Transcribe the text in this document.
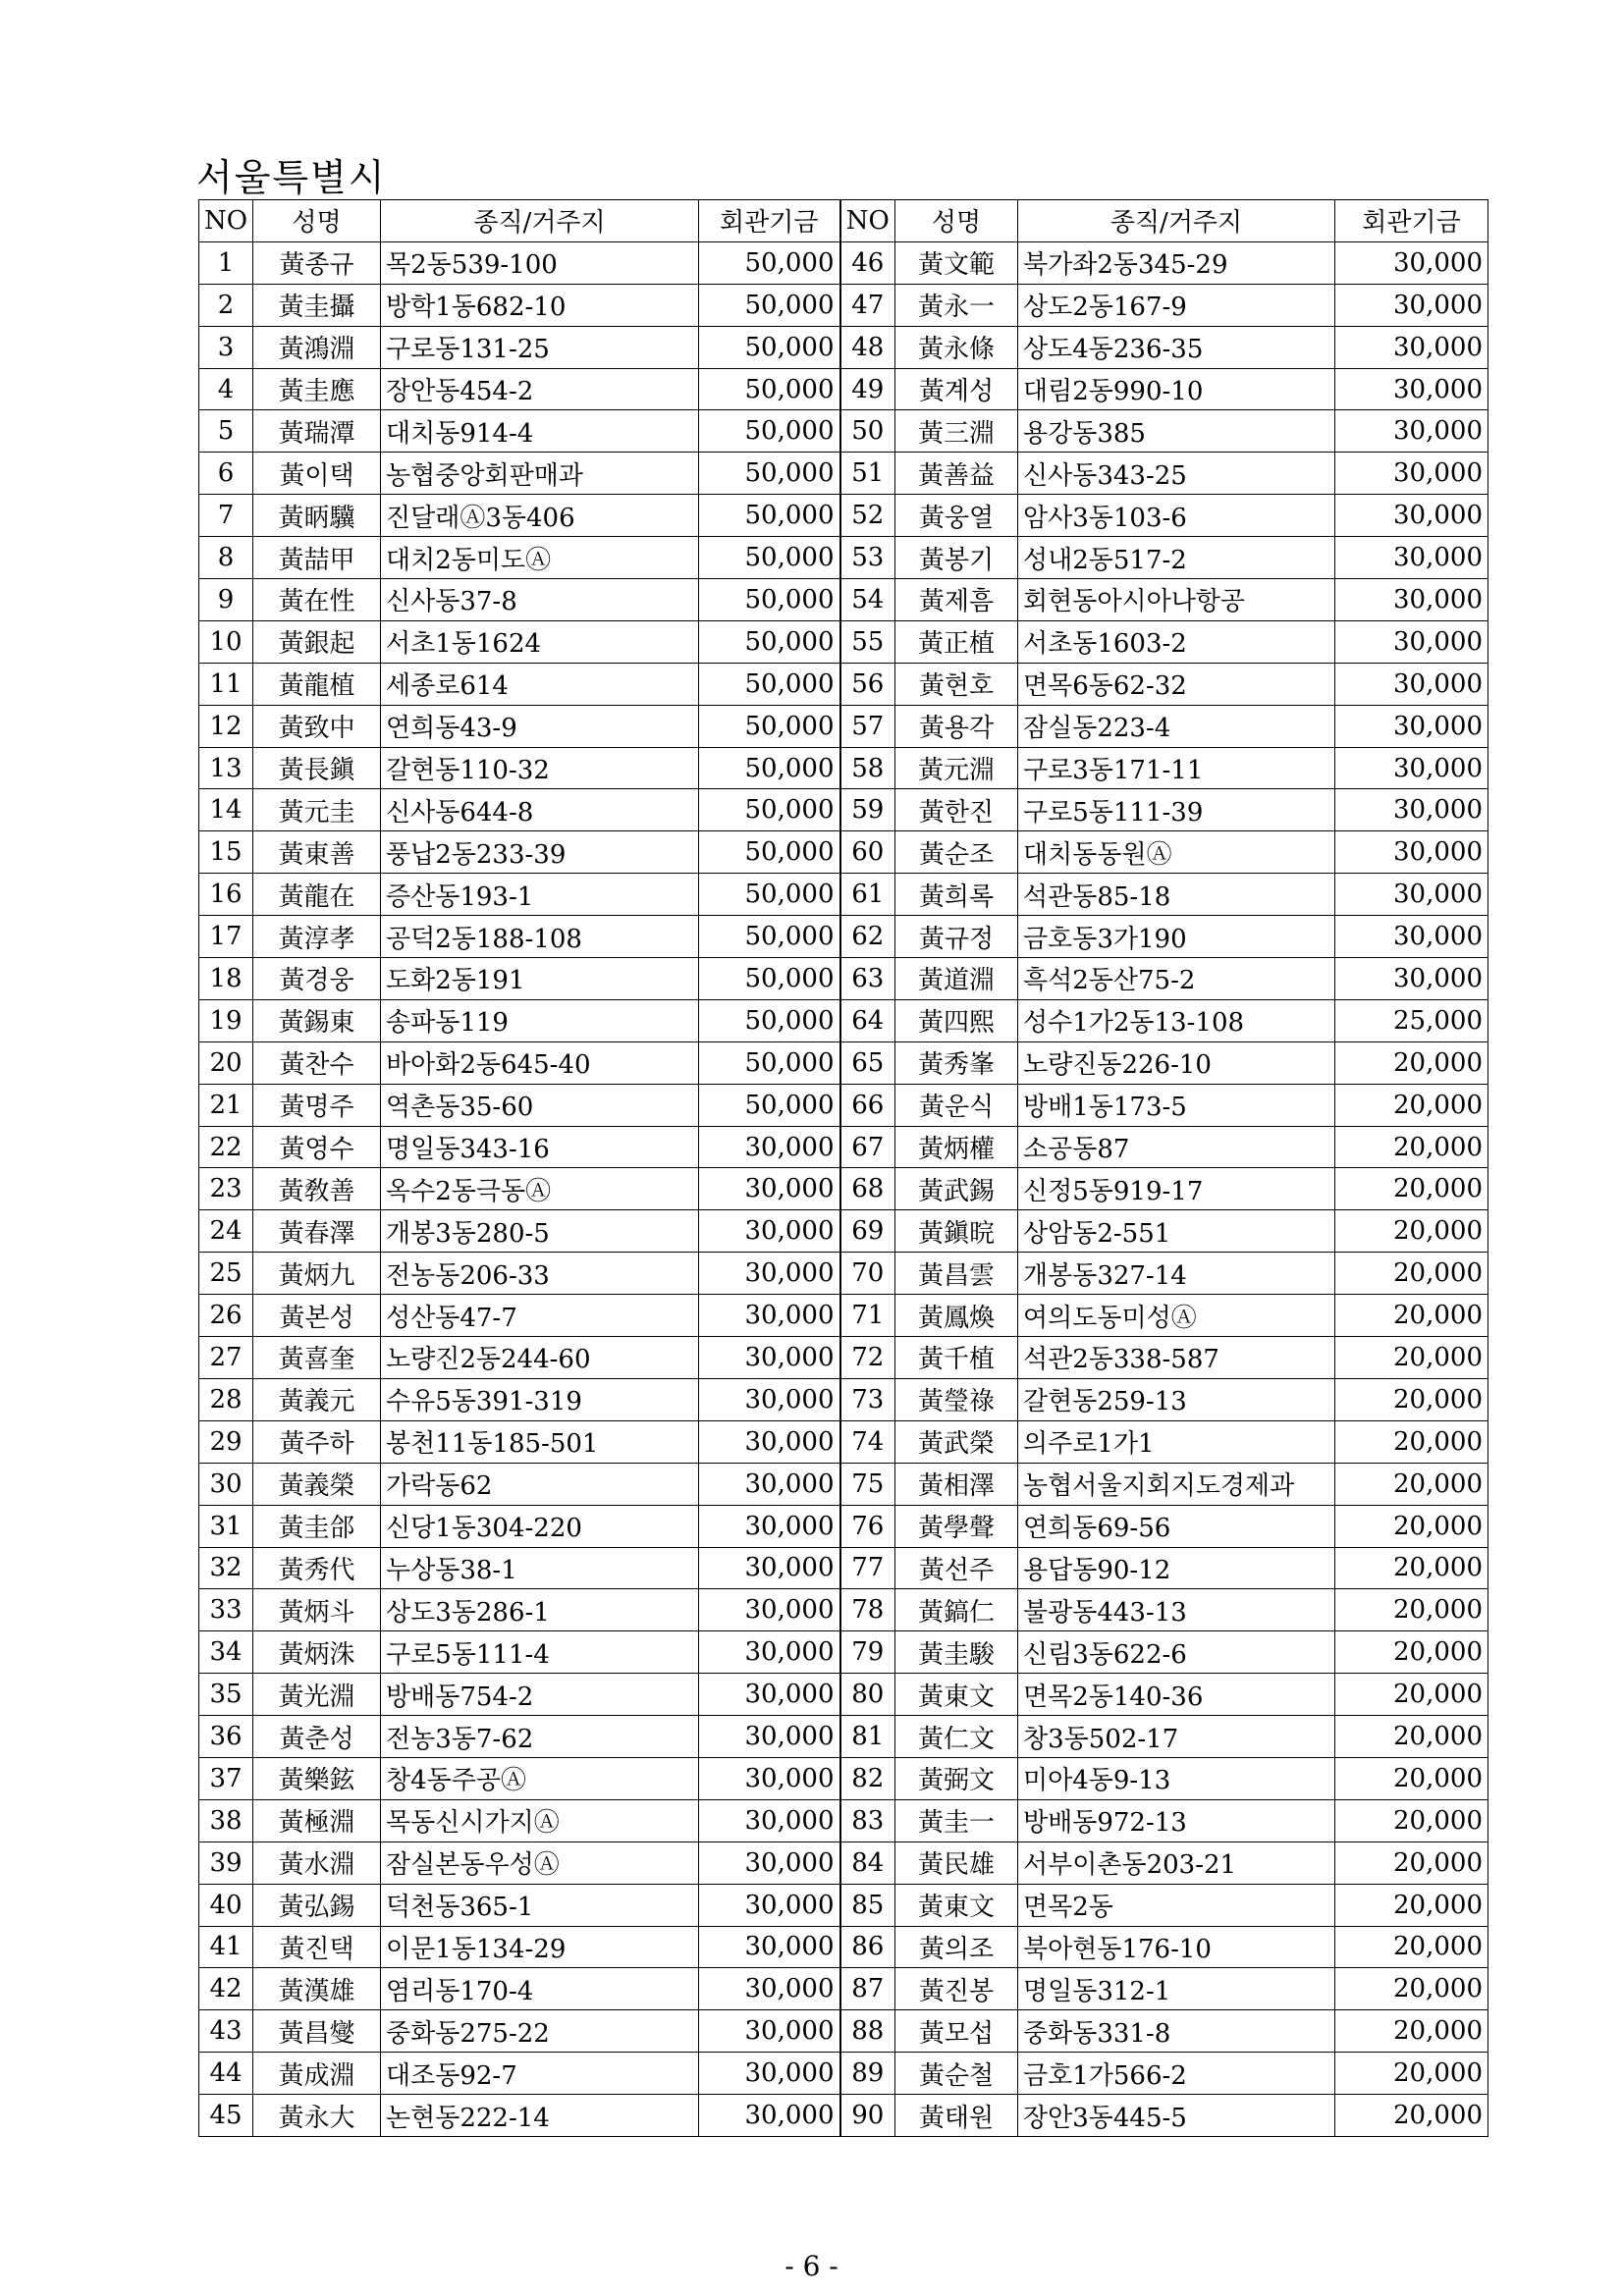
서울특별시
NO	성명	종직/거주지	회관기금	NO	성명	종직/거주지	회관기금
1	黃종규	목2동539-100	50,000	46	黃文範	북가좌2동345-29	30,000
2	黃圭攝	방학1동682-10	50,000	47	黃永一	상도2동167-9	30,000
3	黃鴻淵	구로동131-25	50,000	48	黃永條	상도4동236-35	30,000
4	黃圭應	장안동454-2	50,000	49	黃계성	대림2동990-10	30,000
5	黃瑞潭	대치동914-4	50,000	50	黃三淵	용강동385	30,000
6	黃이택	농협중앙회판매과	50,000	51	黃善益	신사동343-25	30,000
7	黃昞驥	진달래Ⓐ3동406	50,000	52	黃웅열	암사3동103-6	30,000
8	黃喆甲	대치2동미도Ⓐ	50,000	53	黃봉기	성내2동517-2	30,000
9	黃在性	신사동37-8	50,000	54	黃제흠	회현동아시아나항공	30,000
10	黃銀起	서초1동1624	50,000	55	黃正植	서초동1603-2	30,000
11	黃龍植	세종로614	50,000	56	黃현호	면목6동62-32	30,000
12	黃致中	연희동43-9	50,000	57	黃용각	잠실동223-4	30,000
13	黃長鎭	갈현동110-32	50,000	58	黃元淵	구로3동171-11	30,000
14	黃元圭	신사동644-8	50,000	59	黃한진	구로5동111-39	30,000
15	黃東善	풍납2동233-39	50,000	60	黃순조	대치동동원Ⓐ	30,000
16	黃龍在	증산동193-1	50,000	61	黃희록	석관동85-18	30,000
17	黃淳孝	공덕2동188-108	50,000	62	黃규정	금호동3가190	30,000
18	黃경웅	도화2동191	50,000	63	黃道淵	흑석2동산75-2	30,000
19	黃錫東	송파동119	50,000	64	黃四熙	성수1가2동13-108	25,000
20	黃찬수	바아화2동645-40	50,000	65	黃秀峯	노량진동226-10	20,000
21	黃명주	역촌동35-60	50,000	66	黃운식	방배1동173-5	20,000
22	黃영수	명일동343-16	30,000	67	黃炳權	소공동87	20,000
23	黃敎善	옥수2동극동Ⓐ	30,000	68	黃武錫	신정5동919-17	20,000
24	黃春澤	개봉3동280-5	30,000	69	黃鎭晥	상암동2-551	20,000
25	黃炳九	전농동206-33	30,000	70	黃昌雲	개봉동327-14	20,000
26	黃본성	성산동47-7	30,000	71	黃鳳煥	여의도동미성Ⓐ	20,000
27	黃喜奎	노량진2동244-60	30,000	72	黃千植	석관2동338-587	20,000
28	黃義元	수유5동391-319	30,000	73	黃瑩祿	갈현동259-13	20,000
29	黃주하	봉천11동185-501	30,000	74	黃武榮	의주로1가1	20,000
30	黃義榮	가락동62	30,000	75	黃相澤	농협서울지회지도경제과	20,000
31	黃圭郃	신당1동304-220	30,000	76	黃學聲	연희동69-56	20,000
32	黃秀代	누상동38-1	30,000	77	黃선주	용답동90-12	20,000
33	黃炳斗	상도3동286-1	30,000	78	黃鎬仁	불광동443-13	20,000
34	黃炳洙	구로5동111-4	30,000	79	黃圭駿	신림3동622-6	20,000
35	黃光淵	방배동754-2	30,000	80	黃東文	면목2동140-36	20,000
36	黃춘성	전농3동7-62	30,000	81	黃仁文	창3동502-17	20,000
37	黃樂鉉	창4동주공Ⓐ	30,000	82	黃弼文	미아4동9-13	20,000
38	黃極淵	목동신시가지Ⓐ	30,000	83	黃圭一	방배동972-13	20,000
39	黃水淵	잠실본동우성Ⓐ	30,000	84	黃民雄	서부이촌동203-21	20,000
40	黃弘錫	덕천동365-1	30,000	85	黃東文	면목2동	20,000
41	黃진택	이문1동134-29	30,000	86	黃의조	북아현동176-10	20,000
42	黃漢雄	염리동170-4	30,000	87	黃진봉	명일동312-1	20,000
43	黃昌燮	중화동275-22	30,000	88	黃모섭	중화동331-8	20,000
44	黃成淵	대조동92-7	30,000	89	黃순철	금호1가566-2	20,000
45	黃永大	논현동222-14	30,000	90	黃태원	장안3동445-5	20,000
- 6 -
